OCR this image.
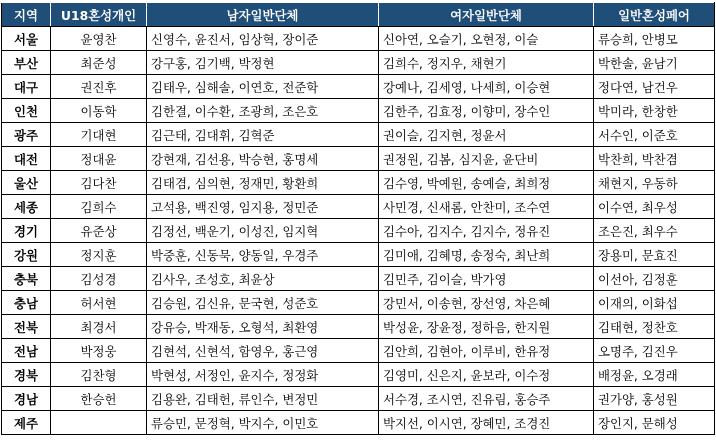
지역	U18혼성개인	남자일반단체	여자일반단체	일반혼성페어
서울	윤영찬	신영수, 윤진서, 임상혁, 장이준	신아연, 오슬기, 오현정, 이슬	류승희, 안병모
부산	최준성	강구홍, 김기백, 박정현	김희수, 정지우, 채현기	박한솔, 윤남기
대구	권진후	김태우, 심해솔, 이연호, 전준학	강예나, 김세영, 나세희, 이승현	정다연, 남건우
인천	이동학	김한결, 이수환, 조광희, 조은호	김한주, 김효정, 이향미, 장수인	박미라, 한창한
광주	기대현	김근태, 김대휘, 김혁준	권이슬, 김지현, 정윤서	서수인, 이준호
대전	정대윤	강현재, 김선용, 박승현, 홍명세	권정원, 김봄, 심지윤, 윤단비	박찬희, 박찬겸
울산	김다찬	김태겸, 심의현, 정재민, 황환희	김수영, 박예원, 송예슬, 최희정	채현지, 우동하
세종	김희수	고석용, 백진영, 임지용, 정민준	사민경, 신새롬, 안찬미, 조수연	이수연, 최우성
경기	유준상	김정선, 백운기, 이성진, 임지혁	김수아, 김지수, 김지수, 정유진	조은진, 최우수
강원	정지훈	박중훈, 신동묵, 양동일, 우경주	김미애, 김혜명, 송정숙, 최난희	장용미, 문효진
충북	김성경	김사우, 조성호, 최윤상	김민주, 김이슬, 박가영	이선아, 김정훈
충남	허서현	김승원, 김신유, 문국현, 성준호	강민서, 이송현, 장선영, 차은혜	이재의, 이화섭
전북	최경서	강유승, 박재동, 오형석, 최환영	박성윤, 장윤정, 정하음, 한지원	김태현, 정찬호
전남	박정웅	김현석, 신현석, 함영우, 홍근영	김안희, 김현아, 이루비, 한유정	오명주, 김진우
경북	김찬형	박현성, 서정인, 윤지수, 정정화	김영미, 신은지, 윤보라, 이수정	배정윤, 오경래
경남	한승헌	김용완, 김태헌, 류인수, 변정민	서수경, 조시연, 진유림, 홍승주	권가양, 홍성원
제주		류승민, 문정혁, 박지수, 이민호	박지선, 이시연, 장혜민, 조경진	장인지, 문해성
